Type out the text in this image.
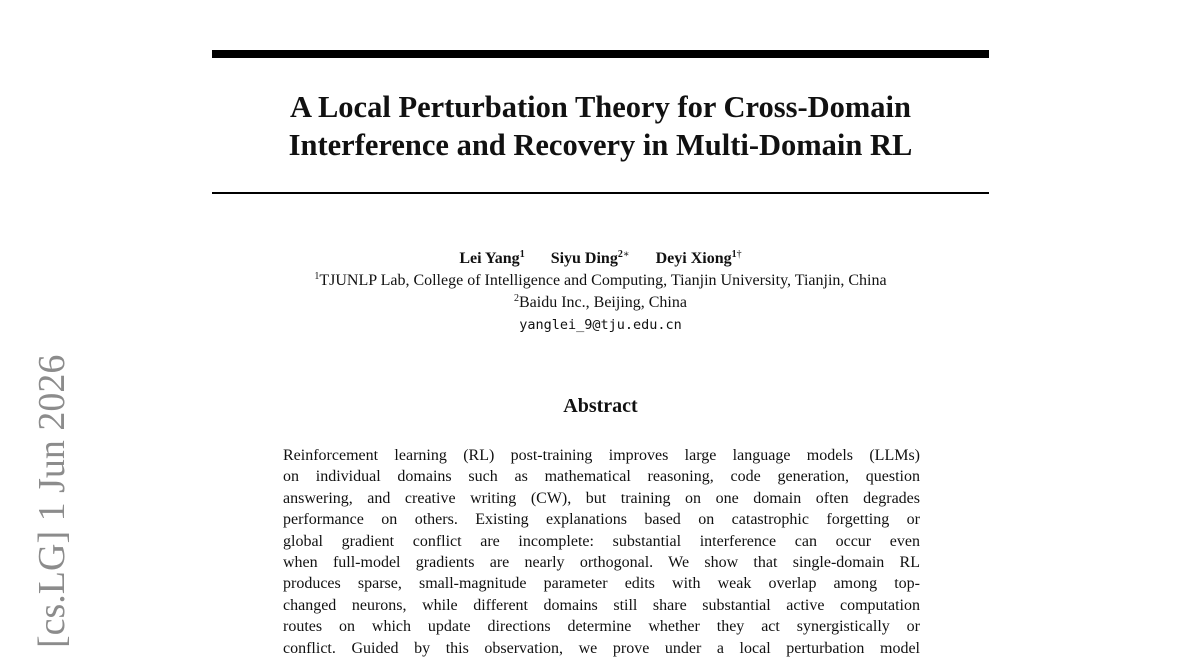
[cs.LG] 1 Jun 2026
A Local Perturbation Theory for Cross-Domain
Interference and Recovery in Multi-Domain RL
Lei Yang$^1$ Siyu Ding$^{2∗}$ Deyi Xiong$^{1\dagger}$
$^1$TJUNLP Lab, College of Intelligence and Computing, Tianjin University, Tianjin, China
$^2$Baidu Inc., Beijing, China
yanglei_9@tju.edu.cn
Abstract
Reinforcement learning (RL) post-training improves large language models (LLMs)
on individual domains such as mathematical reasoning, code generation, question
answering, and creative writing (CW), but training on one domain often degrades
performance on others. Existing explanations based on catastrophic forgetting or
global gradient conflict are incomplete: substantial interference can occur even
when full-model gradients are nearly orthogonal. We show that single-domain RL
produces sparse, small-magnitude parameter edits with weak overlap among top-
changed neurons, while different domains still share substantial active computation
routes on which update directions determine whether they act synergistically or
conflict. Guided by this observation, we prove under a local perturbation model
